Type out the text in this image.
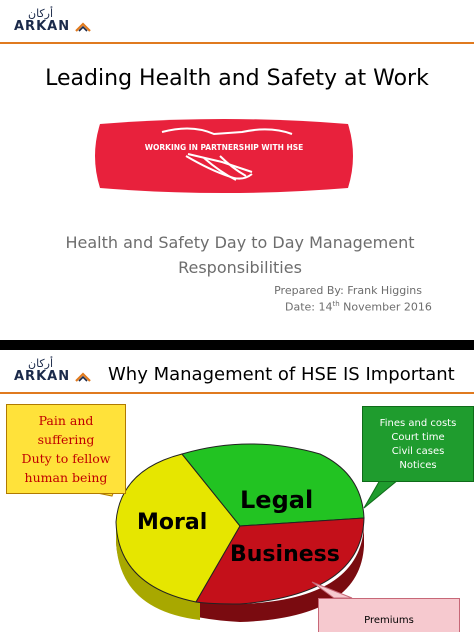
أركان
ARKAN
Leading Health and Safety at Work
WORKING IN PARTNERSHIP WITH HSE
Health and Safety Day to Day Management
Responsibilities
Prepared By: Frank Higgins
Date: 14th November 2016
أركان
ARKAN Why Management of HSE IS Important
Moral
Legal
Business
Pain and
suffering
Duty to fellow
human being
Fines and costs
Court time
Civil cases
Notices
Premiums
